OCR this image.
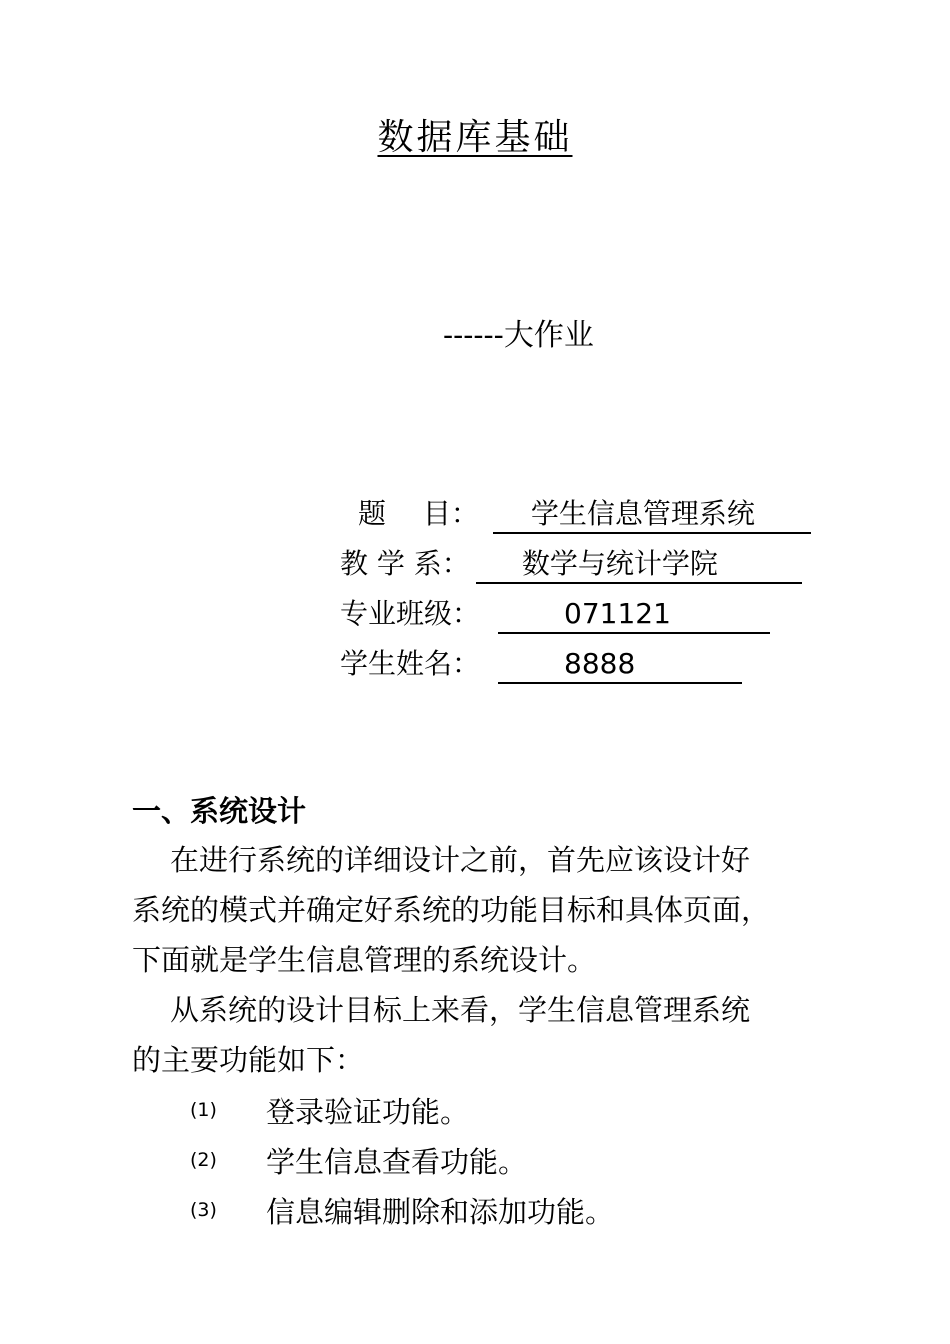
数据库基础
------大作业
题　 目：	学生信息管理系统
教 学 系：	数学与统计学院
专业班级：	071121
学生姓名：	8888
一、系统设计
在进行系统的详细设计之前，首先应该设计好
系统的模式并确定好系统的功能目标和具体页面，
下面就是学生信息管理的系统设计。
从系统的设计目标上来看，学生信息管理系统
的主要功能如下：
(1)	登录验证功能。
(2)	学生信息查看功能。
(3)	信息编辑删除和添加功能。
